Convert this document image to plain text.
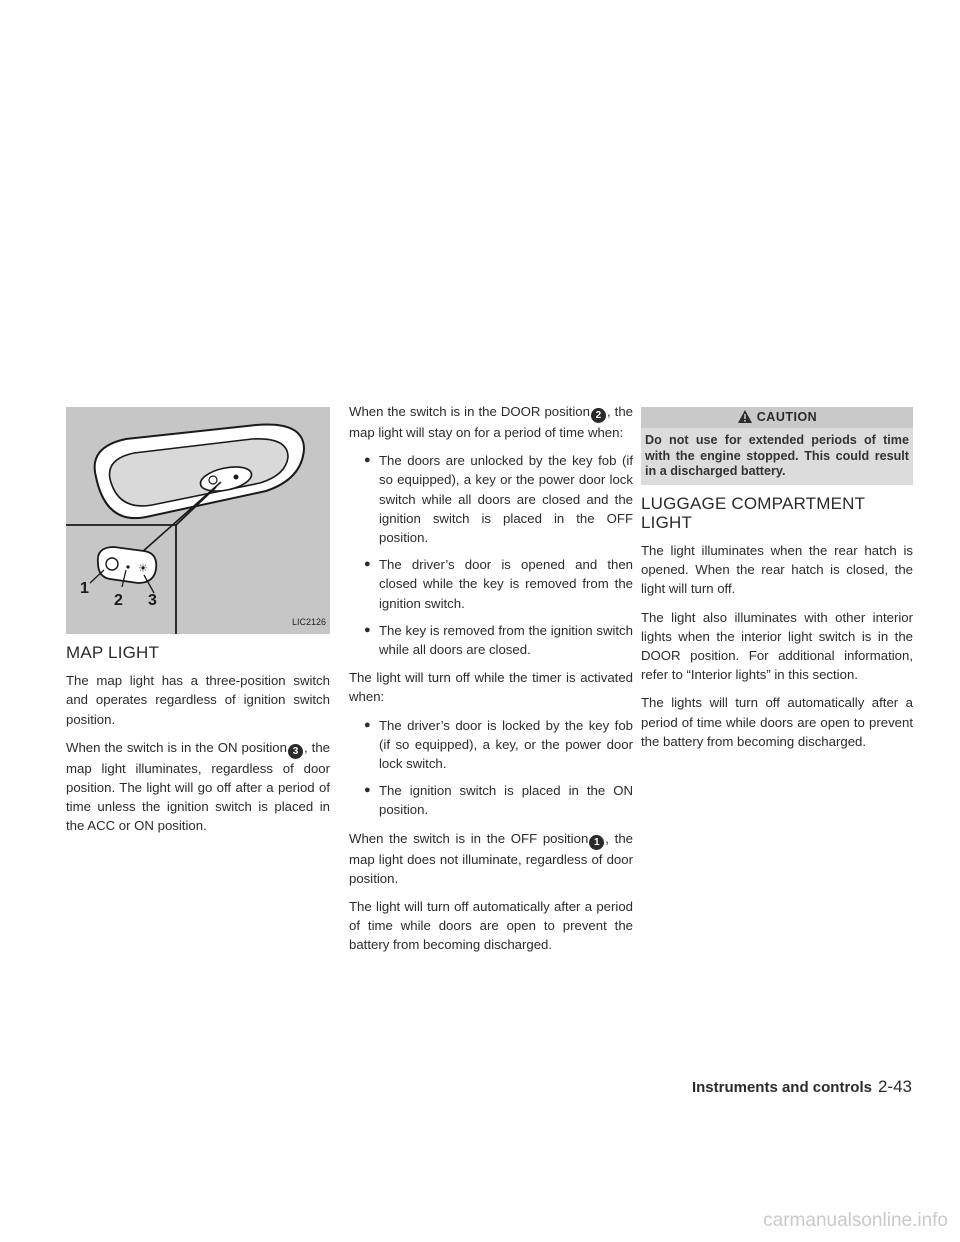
☀
1
2 3
LIC2126
MAP LIGHT

The map light has a three-position switch and operates regardless of ignition switch position.

When the switch is in the ON position 3 , the map light illuminates, regardless of door position. The light will go off after a period of time unless the ignition switch is placed in the ACC or ON position.

When the switch is in the DOOR position 2 , the map light will stay on for a period of time when:

● The doors are unlocked by the key fob (if so equipped), a key or the power door lock switch while all doors are closed and the ignition switch is placed in the OFF position.
● The driver’s door is opened and then closed while the key is removed from the ignition switch.
● The key is removed from the ignition switch while all doors are closed.

The light will turn off while the timer is activated when:

● The driver’s door is locked by the key fob (if so equipped), a key, or the power door lock switch.
● The ignition switch is placed in the ON position.

When the switch is in the OFF position 1 , the map light does not illuminate, regardless of door position.

The light will turn off automatically after a period of time while doors are open to prevent the battery from becoming discharged.

CAUTION
Do not use for extended periods of time with the engine stopped. This could result in a discharged battery.
LUGGAGE COMPARTMENT LIGHT

The light illuminates when the rear hatch is opened. When the rear hatch is closed, the light will turn off.

The light also illuminates with other interior lights when the interior light switch is in the DOOR position. For additional information, refer to “Interior lights” in this section.

The lights will turn off automatically after a period of time while doors are open to prevent the battery from becoming discharged.

Instruments and controls 2-43
carmanualsonline.info
